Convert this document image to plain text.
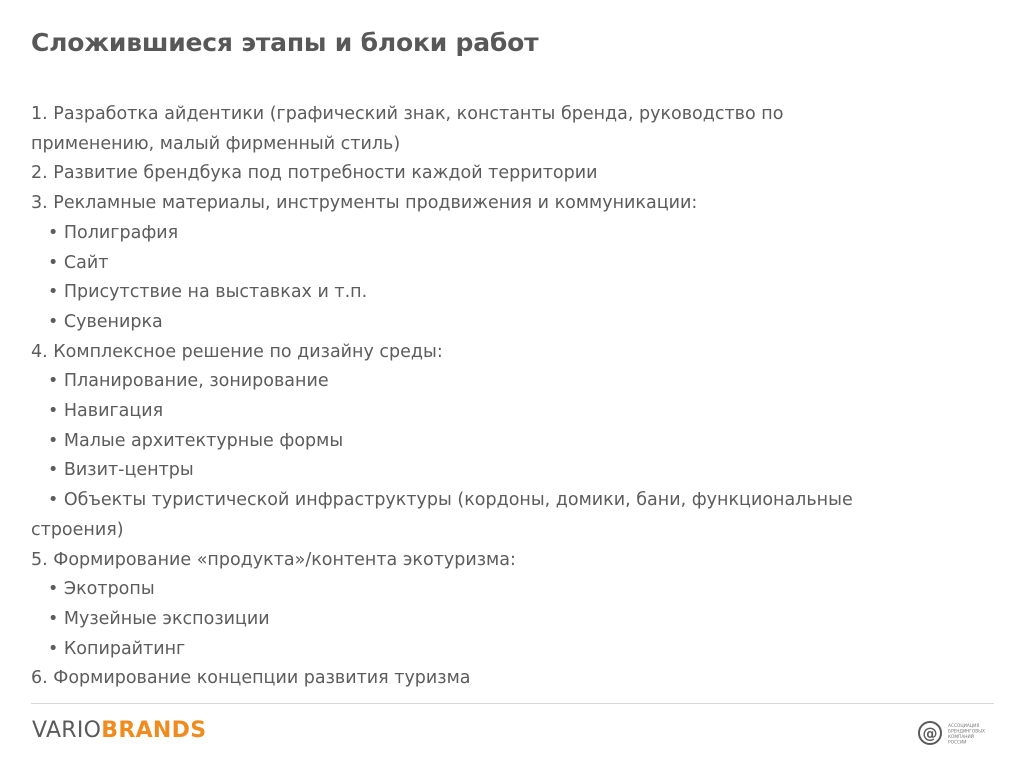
Сложившиеся этапы и блоки работ
1. Разработка айдентики (графический знак, константы бренда, руководство по
применению, малый фирменный стиль)
2. Развитие брендбука под потребности каждой территории
3. Рекламные материалы, инструменты продвижения и коммуникации:
• Полиграфия
• Сайт
• Присутствие на выставках и т.п.
• Сувенирка
4. Комплексное решение по дизайну среды:
• Планирование, зонирование
• Навигация
• Малые архитектурные формы
• Визит-центры
• Объекты туристической инфраструктуры (кордоны, домики, бани, функциональные
строения)
5. Формирование «продукта»/контента экотуризма:
• Экотропы
• Музейные экспозиции
• Копирайтинг
6. Формирование концепции развития туризма
VARIOBRANDS	@ АССОЦИАЦИЯ
БРЕНДИНГОВЫХ
КОМПАНИЙ
РОССИИ
